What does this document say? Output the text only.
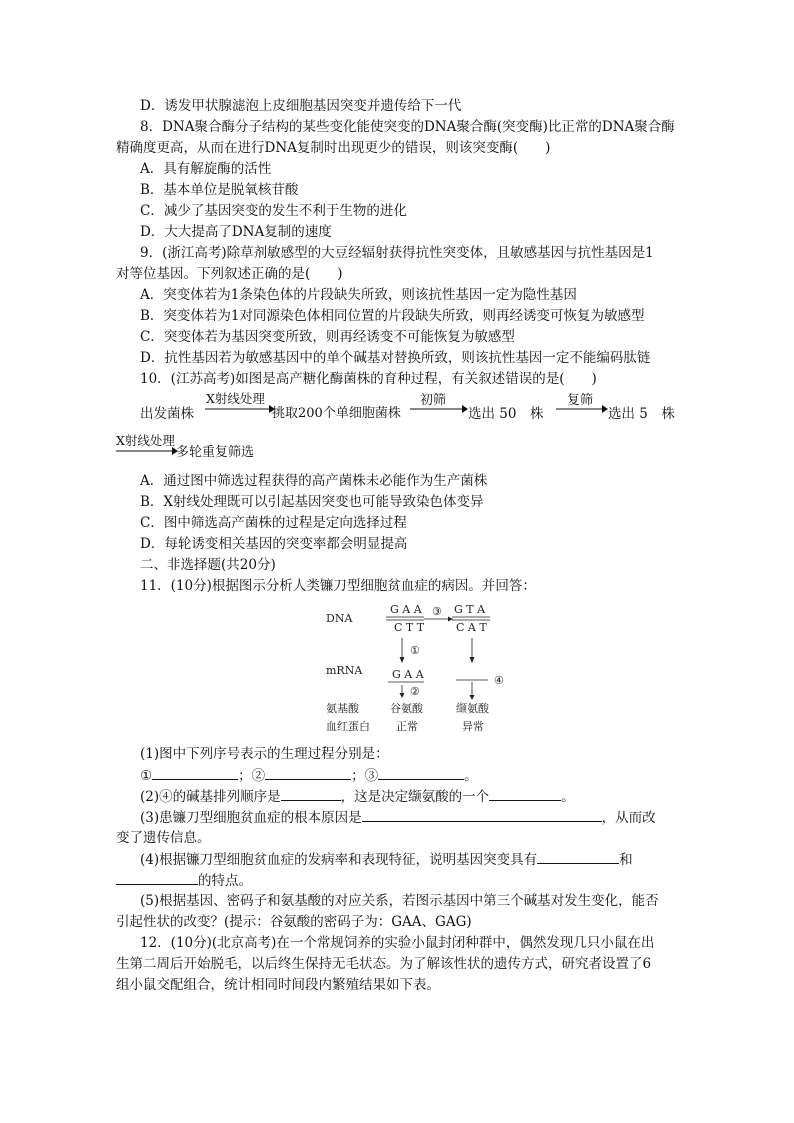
D．诱发甲状腺滤泡上皮细胞基因突变并遗传给下一代
8．DNA聚合酶分子结构的某些变化能使突变的DNA聚合酶(突变酶)比正常的DNA聚合酶
精确度更高，从而在进行DNA复制时出现更少的错误，则该突变酶(　　)
A．具有解旋酶的活性
B．基本单位是脱氧核苷酸
C．减少了基因突变的发生不利于生物的进化
D．大大提高了DNA复制的速度
9．(浙江高考)除草剂敏感型的大豆经辐射获得抗性突变体，且敏感基因与抗性基因是1
对等位基因。下列叙述正确的是(　　)
A．突变体若为1条染色体的片段缺失所致，则该抗性基因一定为隐性基因
B．突变体若为1对同源染色体相同位置的片段缺失所致，则再经诱变可恢复为敏感型
C．突变体若为基因突变所致，则再经诱变不可能恢复为敏感型
D．抗性基因若为敏感基因中的单个碱基对替换所致，则该抗性基因一定不能编码肽链
10．(江苏高考)如图是高产糖化酶菌株的育种过程，有关叙述错误的是(　　)
出发菌株
X射线处理
挑取200个单细胞菌株
初筛
选出 50　株
复筛
选出 5　株
X射线处理
多轮重复筛选
A．通过图中筛选过程获得的高产菌株未必能作为生产菌株
B．X射线处理既可以引起基因突变也可能导致染色体变异
C．图中筛选高产菌株的过程是定向选择过程
D．每轮诱变相关基因的突变率都会明显提高
二、非选择题(共20分)
11．(10分)根据图示分析人类镰刀型细胞贫血症的病因。并回答：
DNA
G A A
C T T
③ G T A
C A T
①
mRNA	G A A	④
②
氨基酸	谷氨酸	缬氨酸
血红蛋白 正常	异常
(1)图中下列序号表示的生理过程分别是：
①	；②	；③	。
(2)④的碱基排列顺序是	，这是决定缬氨酸的一个	。
(3)患镰刀型细胞贫血症的根本原因是	，从而改
变了遗传信息。
(4)根据镰刀型细胞贫血症的发病率和表现特征，说明基因突变具有	和
的特点。
(5)根据基因、密码子和氨基酸的对应关系，若图示基因中第三个碱基对发生变化，能否
引起性状的改变？(提示：谷氨酸的密码子为：GAA、GAG)
12．(10分)(北京高考)在一个常规饲养的实验小鼠封闭种群中，偶然发现几只小鼠在出
生第二周后开始脱毛，以后终生保持无毛状态。为了解该性状的遗传方式，研究者设置了6
组小鼠交配组合，统计相同时间段内繁殖结果如下表。
